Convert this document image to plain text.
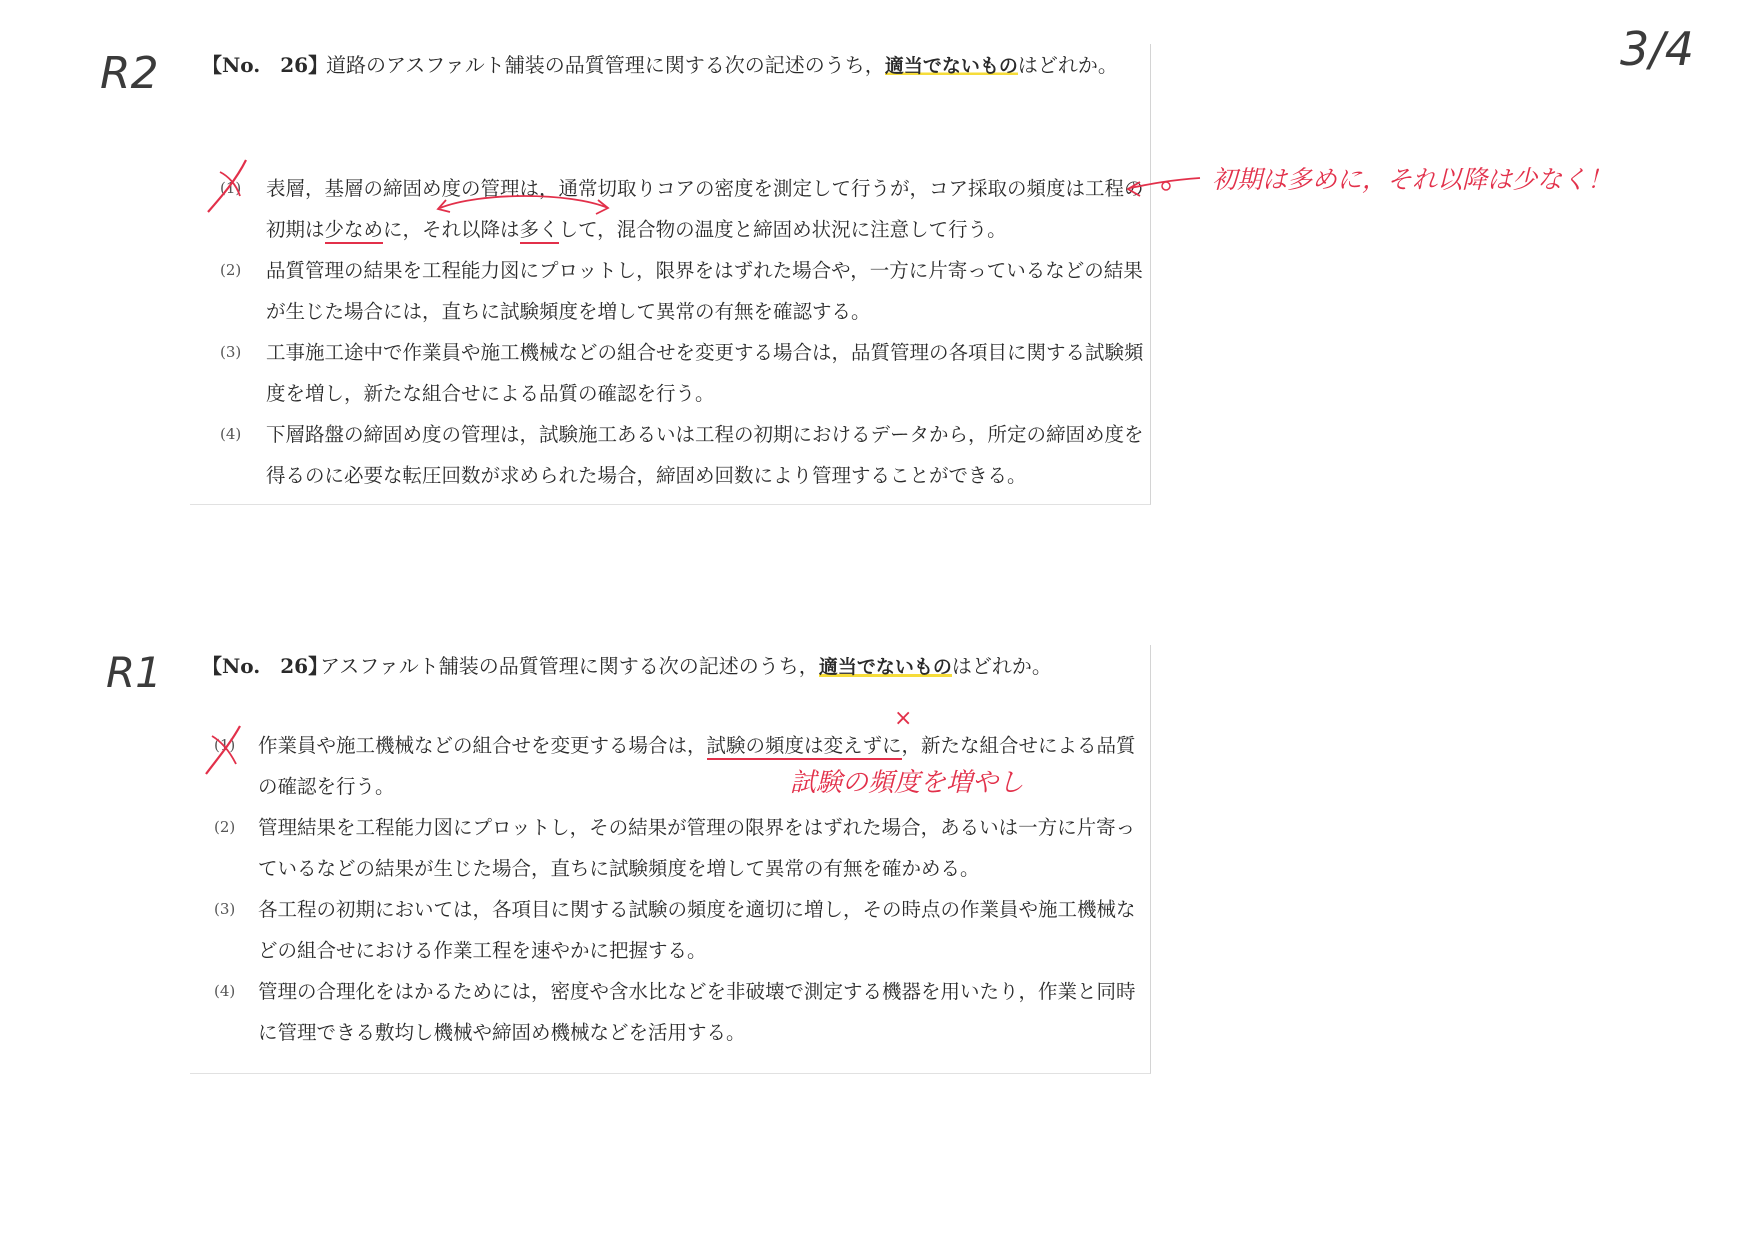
3/4
R2
R1
【No.　26】
道路のアスファルト舗装の品質管理に関する次の記述のうち，適当でないものはどれか。
(1) 表層，基層の締固め度の管理は，通常切取りコアの密度を測定して行うが，コア採取の頻度は工程の初期は少なめに，それ以降は多くして，混合物の温度と締固め状況に注意して行う。
(2) 品質管理の結果を工程能力図にプロットし，限界をはずれた場合や，一方に片寄っているなどの結果が生じた場合には，直ちに試験頻度を増して異常の有無を確認する。
(3) 工事施工途中で作業員や施工機械などの組合せを変更する場合は，品質管理の各項目に関する試験頻度を増し，新たな組合せによる品質の確認を行う。
(4) 下層路盤の締固め度の管理は，試験施工あるいは工程の初期におけるデータから，所定の締固め度を得るのに必要な転圧回数が求められた場合，締固め回数により管理することができる。
初期は多めに，それ以降は少なく！
【No.　26】
アスファルト舗装の品質管理に関する次の記述のうち，適当でないものはどれか。
(1) 作業員や施工機械などの組合せを変更する場合は，試験の頻度は変えずに，新たな組合せによる品質の確認を行う。
(2) 管理結果を工程能力図にプロットし，その結果が管理の限界をはずれた場合，あるいは一方に片寄っているなどの結果が生じた場合，直ちに試験頻度を増して異常の有無を確かめる。
(3) 各工程の初期においては，各項目に関する試験の頻度を適切に増し，その時点の作業員や施工機械などの組合せにおける作業工程を速やかに把握する。
(4) 管理の合理化をはかるためには，密度や含水比などを非破壊で測定する機器を用いたり，作業と同時に管理できる敷均し機械や締固め機械などを活用する。
試験の頻度を増やし
×
